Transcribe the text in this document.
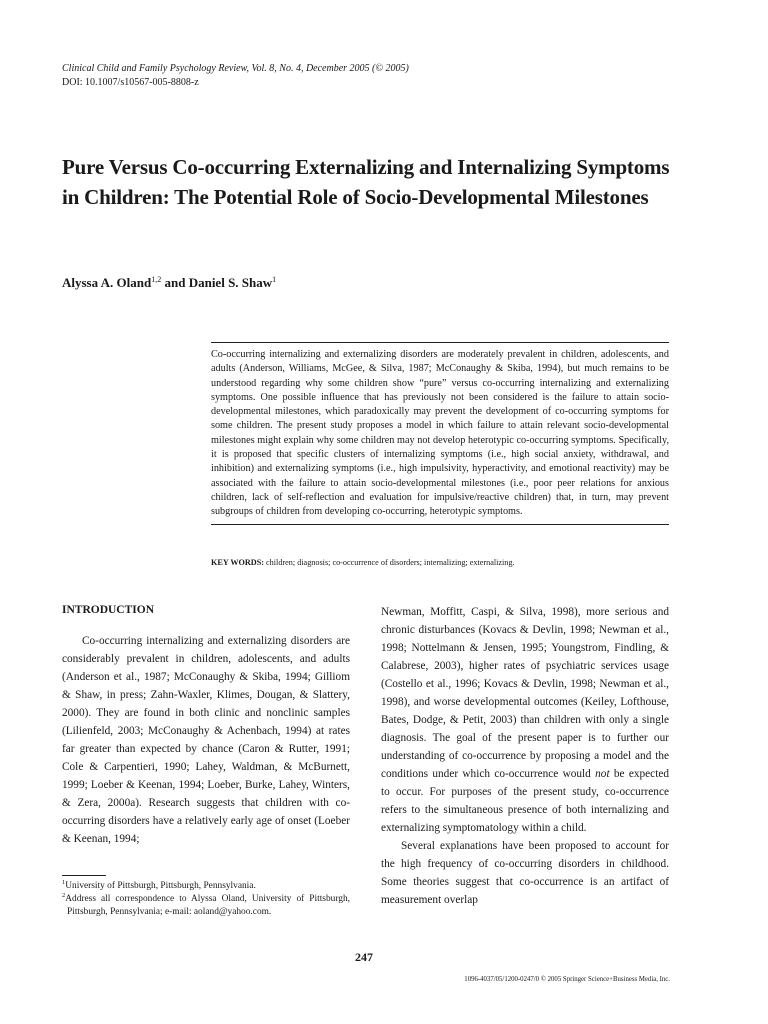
Clinical Child and Family Psychology Review, Vol. 8, No. 4, December 2005 (© 2005)
DOI: 10.1007/s10567-005-8808-z
Pure Versus Co-occurring Externalizing and Internalizing Symptoms in Children: The Potential Role of Socio-Developmental Milestones
Alyssa A. Oland$^{1,2}$ and Daniel S. Shaw$^1$

Co-occurring internalizing and externalizing disorders are moderately prevalent in children, adolescents, and adults (Anderson, Williams, McGee, & Silva, 1987; McConaughy & Skiba, 1994), but much remains to be understood regarding why some children show “pure” versus co-occurring internalizing and externalizing symptoms. One possible influence that has previously not been considered is the failure to attain socio-developmental milestones, which paradoxically may prevent the development of co-occurring symptoms for some children. The present study proposes a model in which failure to attain relevant socio-developmental milestones might explain why some children may not develop heterotypic co-occurring symptoms. Specifically, it is proposed that specific clusters of internalizing symptoms (i.e., high social anxiety, withdrawal, and inhibition) and externalizing symptoms (i.e., high impulsivity, hyperactivity, and emotional reactivity) may be associated with the failure to attain socio-developmental milestones (i.e., poor peer relations for anxious children, lack of self-reflection and evaluation for impulsive/reactive children) that, in turn, may prevent subgroups of children from developing co-occurring, heterotypic symptoms.

KEY WORDS: children; diagnosis; co-occurrence of disorders; internalizing; externalizing.
INTRODUCTION

Co-occurring internalizing and externalizing disorders are considerably prevalent in children, adolescents, and adults (Anderson et al., 1987; McConaughy & Skiba, 1994; Gilliom & Shaw, in press; Zahn-Waxler, Klimes, Dougan, & Slattery, 2000). They are found in both clinic and nonclinic samples (Lilienfeld, 2003; McConaughy & Achenbach, 1994) at rates far greater than expected by chance (Caron & Rutter, 1991; Cole & Carpentieri, 1990; Lahey, Waldman, & McBurnett, 1999; Loeber & Keenan, 1994; Loeber, Burke, Lahey, Winters, & Zera, 2000a). Research suggests that children with co-occurring disorders have a relatively early age of onset (Loeber & Keenan, 1994;

Newman, Moffitt, Caspi, & Silva, 1998), more serious and chronic disturbances (Kovacs & Devlin, 1998; Newman et al., 1998; Nottelmann & Jensen, 1995; Youngstrom, Findling, & Calabrese, 2003), higher rates of psychiatric services usage (Costello et al., 1996; Kovacs & Devlin, 1998; Newman et al., 1998), and worse developmental outcomes (Keiley, Lofthouse, Bates, Dodge, & Petit, 2003) than children with only a single diagnosis. The goal of the present paper is to further our understanding of co-occurrence by proposing a model and the conditions under which co-occurrence would not be expected to occur. For purposes of the present study, co-occurrence refers to the simultaneous presence of both internalizing and externalizing symptomatology within a child.

Several explanations have been proposed to account for the high frequency of co-occurring disorders in childhood. Some theories suggest that co-occurrence is an artifact of measurement overlap

$^1$University of Pittsburgh, Pittsburgh, Pennsylvania.

$^2$Address all correspondence to Alyssa Oland, University of Pittsburgh, Pittsburgh, Pennsylvania; e-mail: aoland@yahoo.com.

247
1096-4037/05/1200-0247/0 © 2005 Springer Science+Business Media, Inc.
